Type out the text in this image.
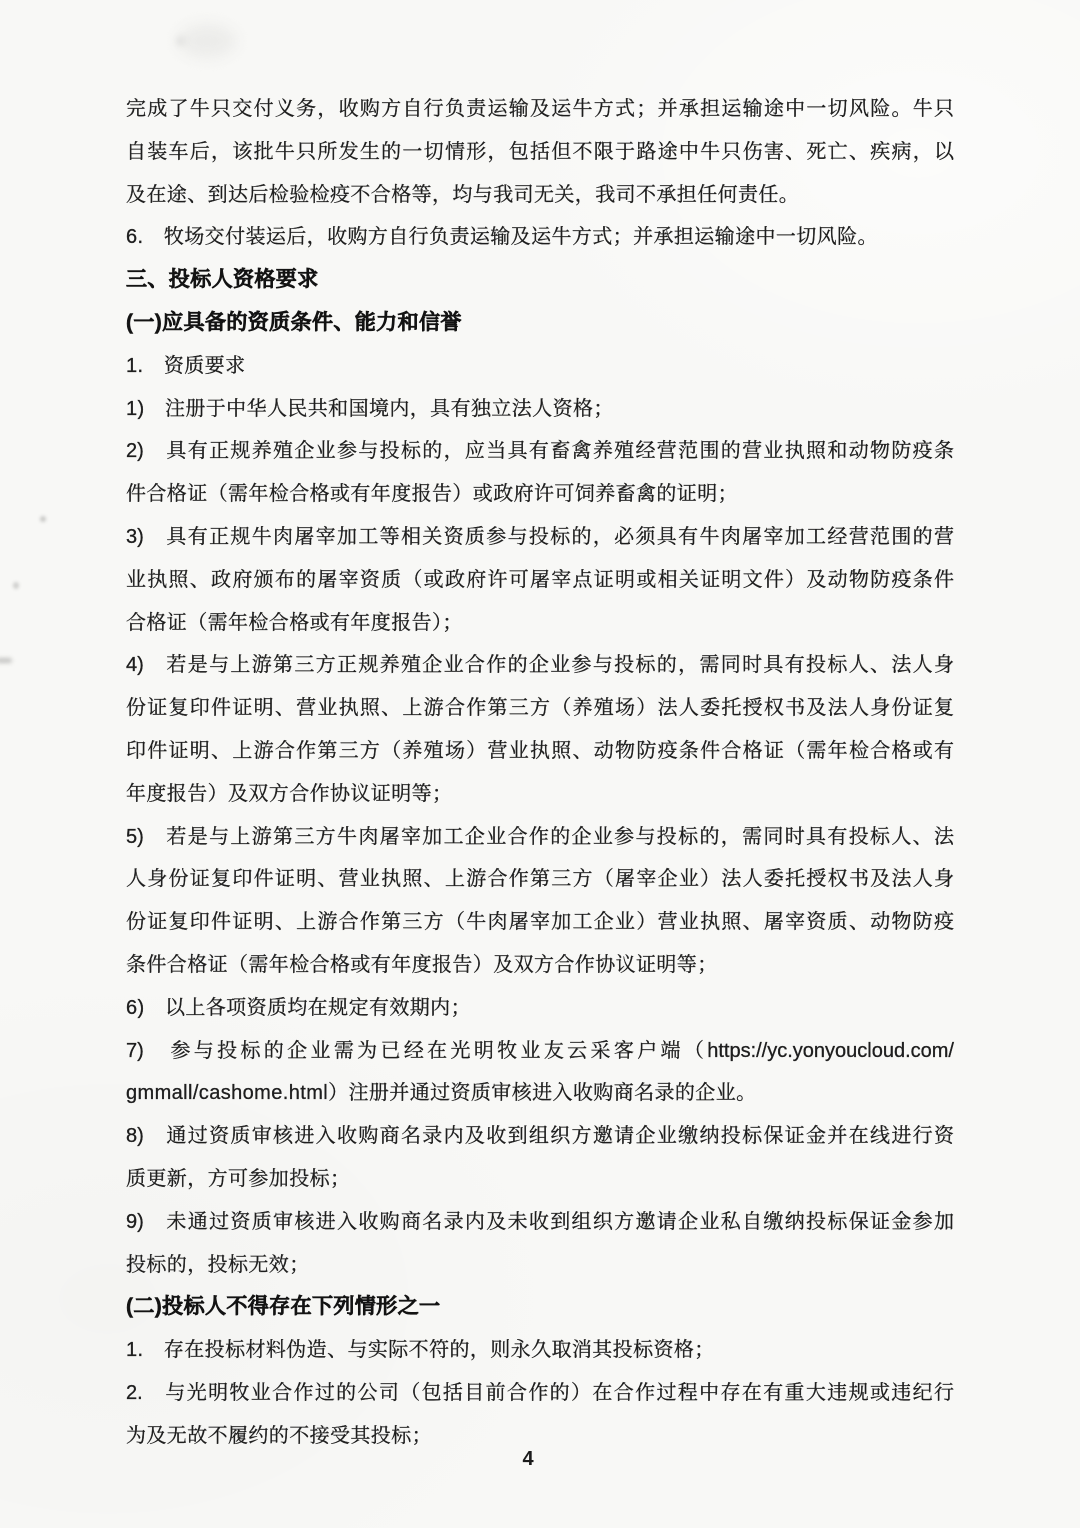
完成了牛只交付义务，收购方自行负责运输及运牛方式；并承担运输途中一切风险。牛只
自装车后，该批牛只所发生的一切情形，包括但不限于路途中牛只伤害、死亡、疾病，以
及在途、到达后检验检疫不合格等，均与我司无关，我司不承担任何责任。
6.　牧场交付装运后，收购方自行负责运输及运牛方式；并承担运输途中一切风险。
三、投标人资格要求
(一)应具备的资质条件、能力和信誉
1.　资质要求
1)　注册于中华人民共和国境内，具有独立法人资格；
2)　具有正规养殖企业参与投标的，应当具有畜禽养殖经营范围的营业执照和动物防疫条
件合格证（需年检合格或有年度报告）或政府许可饲养畜禽的证明；
3)　具有正规牛肉屠宰加工等相关资质参与投标的，必须具有牛肉屠宰加工经营范围的营
业执照、政府颁布的屠宰资质（或政府许可屠宰点证明或相关证明文件）及动物防疫条件
合格证（需年检合格或有年度报告）；
4)　若是与上游第三方正规养殖企业合作的企业参与投标的，需同时具有投标人、法人身
份证复印件证明、营业执照、上游合作第三方（养殖场）法人委托授权书及法人身份证复
印件证明、上游合作第三方（养殖场）营业执照、动物防疫条件合格证（需年检合格或有
年度报告）及双方合作协议证明等；
5)　若是与上游第三方牛肉屠宰加工企业合作的企业参与投标的，需同时具有投标人、法
人身份证复印件证明、营业执照、上游合作第三方（屠宰企业）法人委托授权书及法人身
份证复印件证明、上游合作第三方（牛肉屠宰加工企业）营业执照、屠宰资质、动物防疫
条件合格证（需年检合格或有年度报告）及双方合作协议证明等；
6)　以上各项资质均在规定有效期内；
7)　参与投标的企业需为已经在光明牧业友云采客户端（https://yc.yonyoucloud.com/
gmmall/cashome.html）注册并通过资质审核进入收购商名录的企业。
8)　通过资质审核进入收购商名录内及收到组织方邀请企业缴纳投标保证金并在线进行资
质更新，方可参加投标；
9)　未通过资质审核进入收购商名录内及未收到组织方邀请企业私自缴纳投标保证金参加
投标的，投标无效；
(二)投标人不得存在下列情形之一
1.　存在投标材料伪造、与实际不符的，则永久取消其投标资格；
2.　与光明牧业合作过的公司（包括目前合作的）在合作过程中存在有重大违规或违纪行
为及无故不履约的不接受其投标；
4
